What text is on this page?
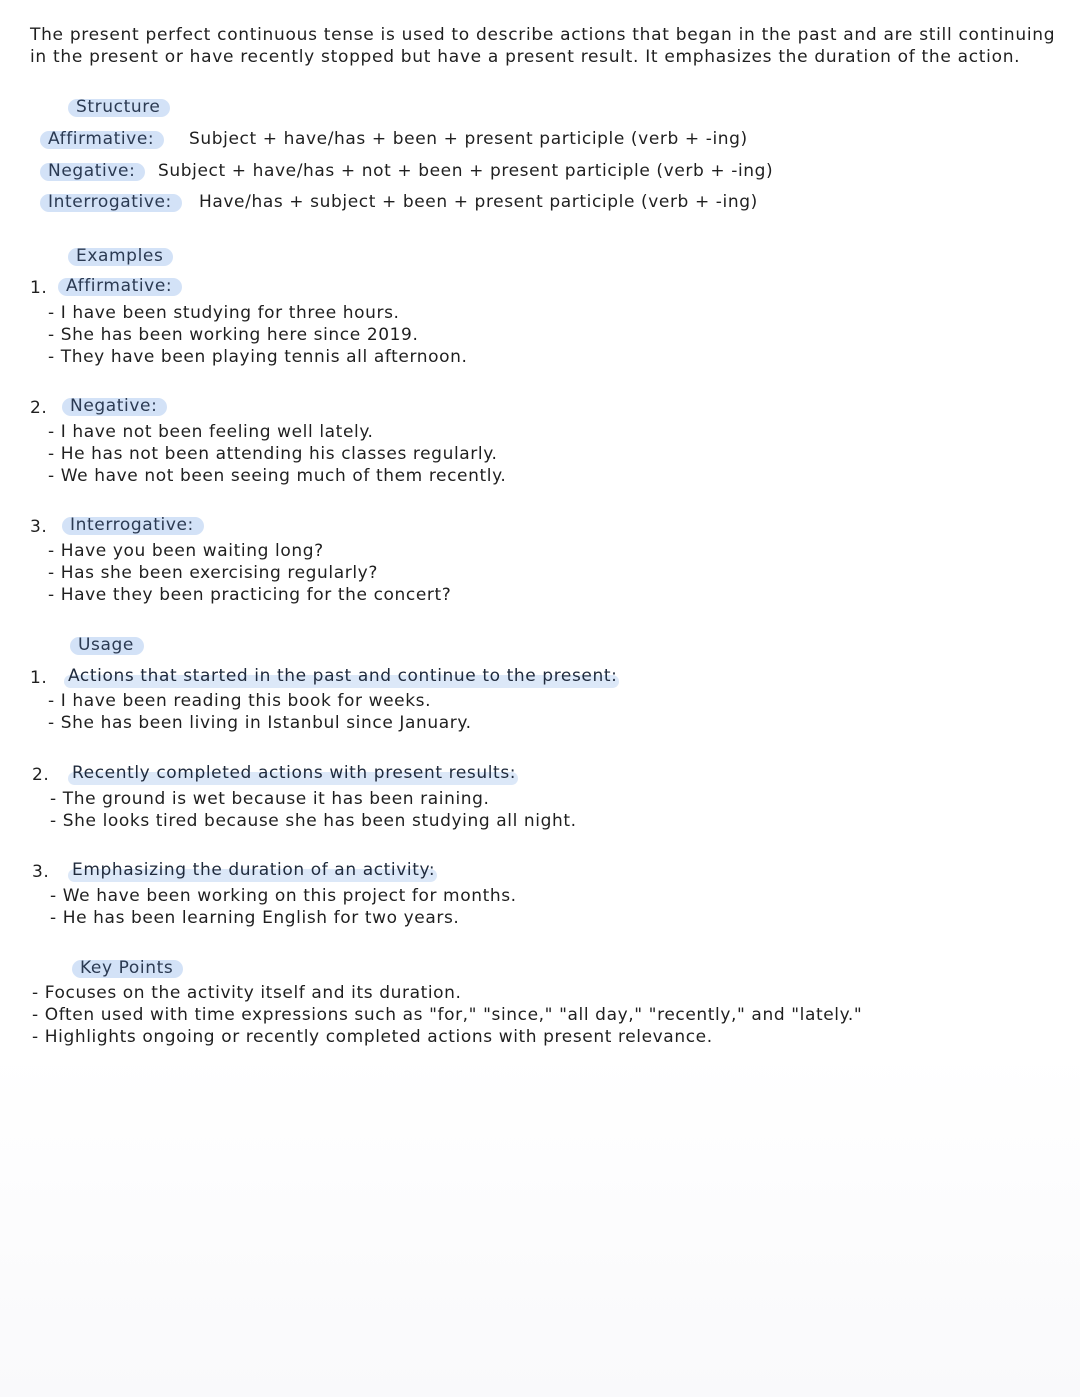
The present perfect continuous tense is used to describe actions that began in the past and are still continuing

in the present or have recently stopped but have a present result. It emphasizes the duration of the action.

Structure
Affirmative:	Subject + have/has + been + present participle (verb + -ing)
Negative:	Subject + have/has + not + been + present participle (verb + -ing)
Interrogative:	Have/has + subject + been + present participle (verb + -ing)
Examples
1.	Affirmative:
- I have been studying for three hours.
- She has been working here since 2019.
- They have been playing tennis all afternoon.
2.	Negative:
- I have not been feeling well lately.
- He has not been attending his classes regularly.
- We have not been seeing much of them recently.
3.	Interrogative:
- Have you been waiting long?
- Has she been exercising regularly?
- Have they been practicing for the concert?
Usage
1. Actions that started in the past and continue to the present:
- I have been reading this book for weeks.
- She has been living in Istanbul since January.
2. Recently completed actions with present results:
- The ground is wet because it has been raining.
- She looks tired because she has been studying all night.
3. Emphasizing the duration of an activity:
- We have been working on this project for months.
- He has been learning English for two years.
Key Points
- Focuses on the activity itself and its duration.
- Often used with time expressions such as "for," "since," "all day," "recently," and "lately."
- Highlights ongoing or recently completed actions with present relevance.
